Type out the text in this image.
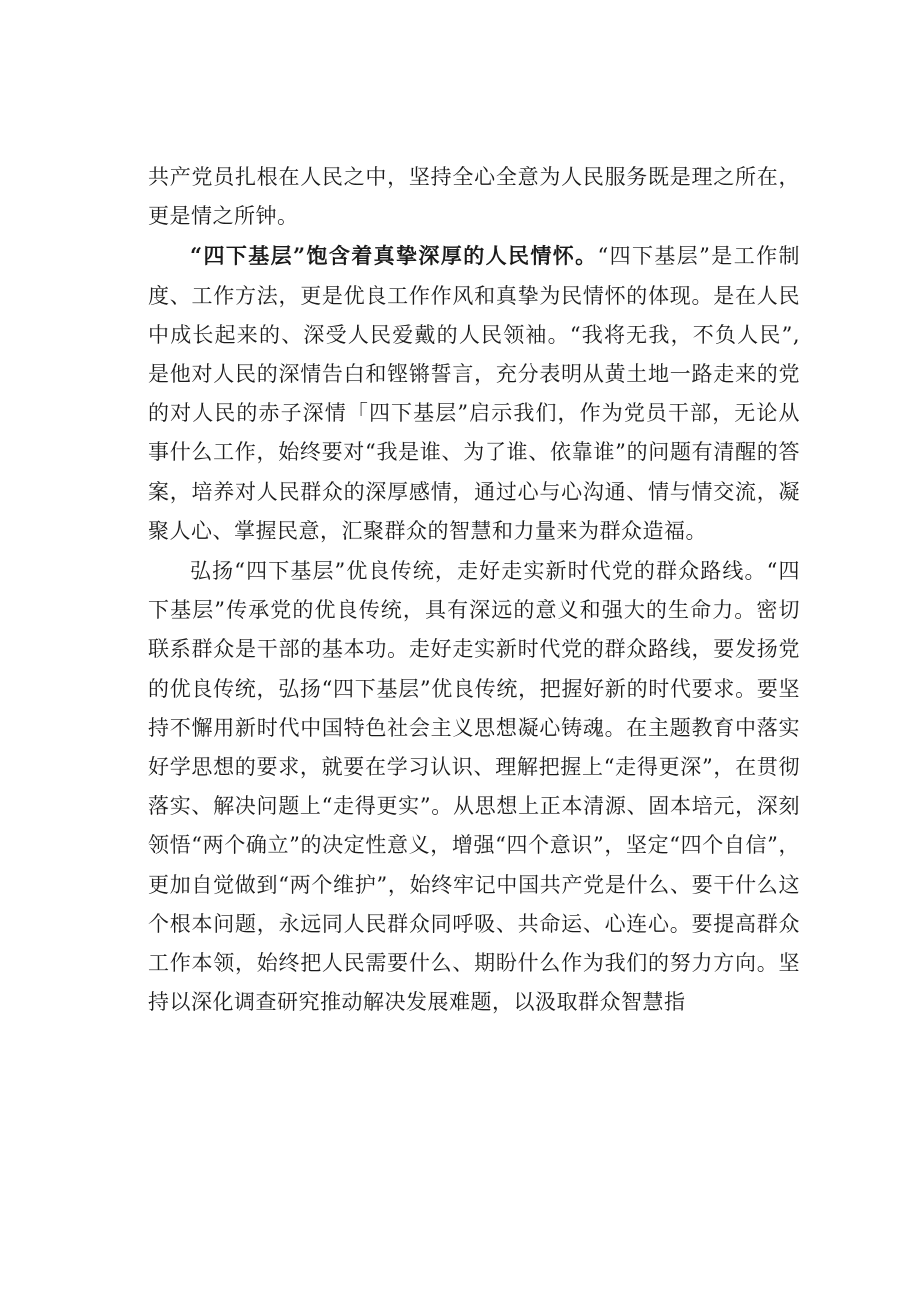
共产党员扎根在人民之中，坚持全心全意为人民服务既是理之所在，更是情之所钟。

“四下基层”饱含着真挚深厚的人民情怀。“四下基层”是工作制度、工作方法，更是优良工作作风和真挚为民情怀的体现。是在人民中成长起来的、深受人民爱戴的人民领袖。“我将无我，不负人民”,是他对人民的深情告白和铿锵誓言，充分表明从黄土地一路走来的党的对人民的赤子深情「四下基层”启示我们，作为党员干部，无论从事什么工作，始终要对“我是谁、为了谁、依靠谁”的问题有清醒的答案，培养对人民群众的深厚感情，通过心与心沟通、情与情交流，凝聚人心、掌握民意，汇聚群众的智慧和力量来为群众造福。

弘扬“四下基层”优良传统，走好走实新时代党的群众路线。“四下基层”传承党的优良传统，具有深远的意义和强大的生命力。密切联系群众是干部的基本功。走好走实新时代党的群众路线，要发扬党的优良传统，弘扬“四下基层”优良传统，把握好新的时代要求。要坚持不懈用新时代中国特色社会主义思想凝心铸魂。在主题教育中落实好学思想的要求，就要在学习认识、理解把握上“走得更深”，在贯彻落实、解决问题上“走得更实”。从思想上正本清源、固本培元，深刻领悟“两个确立”的决定性意义，增强“四个意识”，坚定“四个自信”，更加自觉做到“两个维护”，始终牢记中国共产党是什么、要干什么这个根本问题，永远同人民群众同呼吸、共命运、心连心。要提高群众工作本领，始终把人民需要什么、期盼什么作为我们的努力方向。坚持以深化调查研究推动解决发展难题，以汲取群众智慧指
